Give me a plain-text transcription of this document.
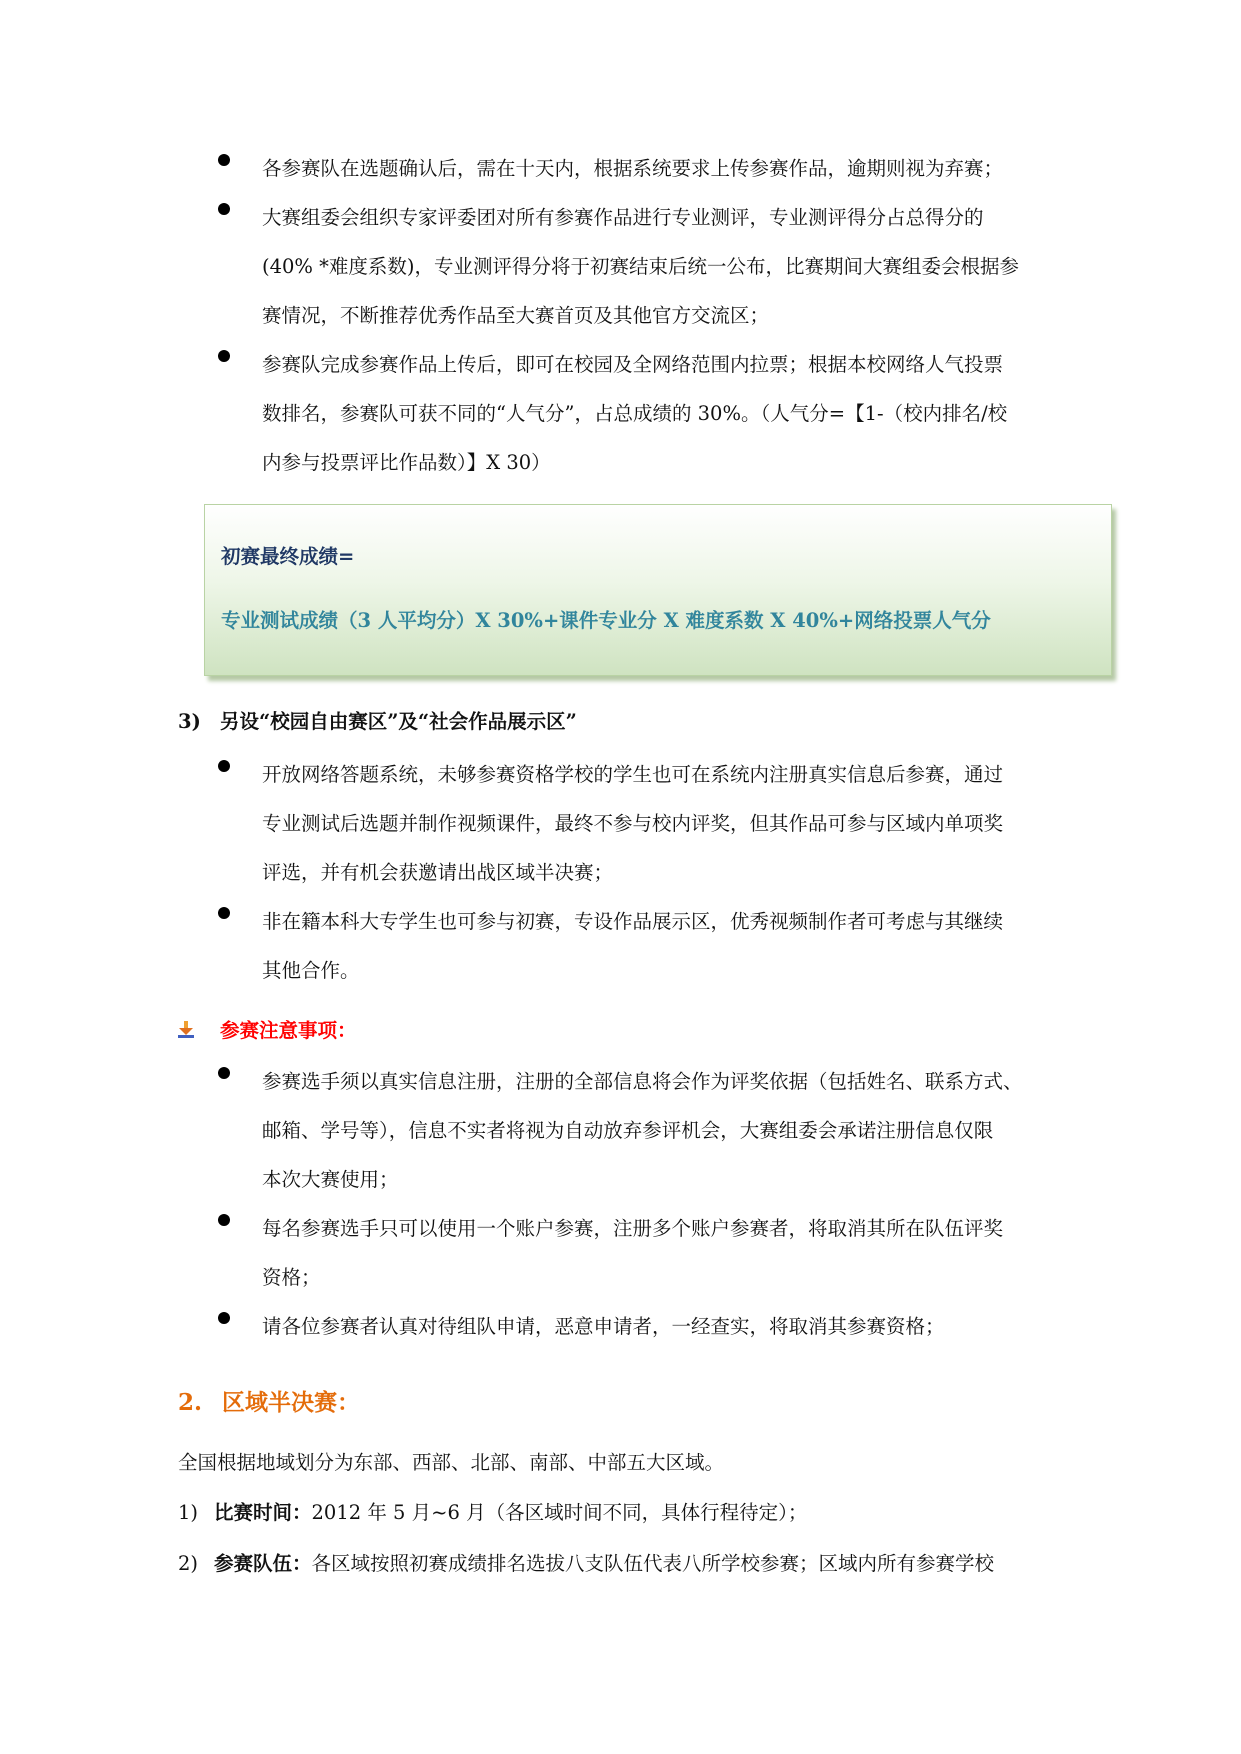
各参赛队在选题确认后，需在十天内，根据系统要求上传参赛作品，逾期则视为弃赛；
大赛组委会组织专家评委团对所有参赛作品进行专业测评，专业测评得分占总得分的
(40% *难度系数)，专业测评得分将于初赛结束后统一公布，比赛期间大赛组委会根据参
赛情况，不断推荐优秀作品至大赛首页及其他官方交流区；
参赛队完成参赛作品上传后，即可在校园及全网络范围内拉票；根据本校网络人气投票
数排名，参赛队可获不同的“人气分”，占总成绩的 30%。（人气分=【1-（校内排名/校
内参与投票评比作品数）】X 30）
初赛最终成绩=
专业测试成绩（3 人平均分）X 30%+课件专业分 X 难度系数 X 40%+网络投票人气分
3) 另设“校园自由赛区”及“社会作品展示区”
开放网络答题系统，未够参赛资格学校的学生也可在系统内注册真实信息后参赛，通过
专业测试后选题并制作视频课件，最终不参与校内评奖，但其作品可参与区域内单项奖
评选，并有机会获邀请出战区域半决赛；
非在籍本科大专学生也可参与初赛，专设作品展示区，优秀视频制作者可考虑与其继续
其他合作。
参赛注意事项：
参赛选手须以真实信息注册，注册的全部信息将会作为评奖依据（包括姓名、联系方式、
邮箱、学号等），信息不实者将视为自动放弃参评机会，大赛组委会承诺注册信息仅限
本次大赛使用；
每名参赛选手只可以使用一个账户参赛，注册多个账户参赛者，将取消其所在队伍评奖
资格；
请各位参赛者认真对待组队申请，恶意申请者，一经查实，将取消其参赛资格；
2. 区域半决赛：
全国根据地域划分为东部、西部、北部、南部、中部五大区域。
1) 比赛时间：2012 年 5 月~6 月（各区域时间不同，具体行程待定）；
2) 参赛队伍：各区域按照初赛成绩排名选拔八支队伍代表八所学校参赛；区域内所有参赛学校
